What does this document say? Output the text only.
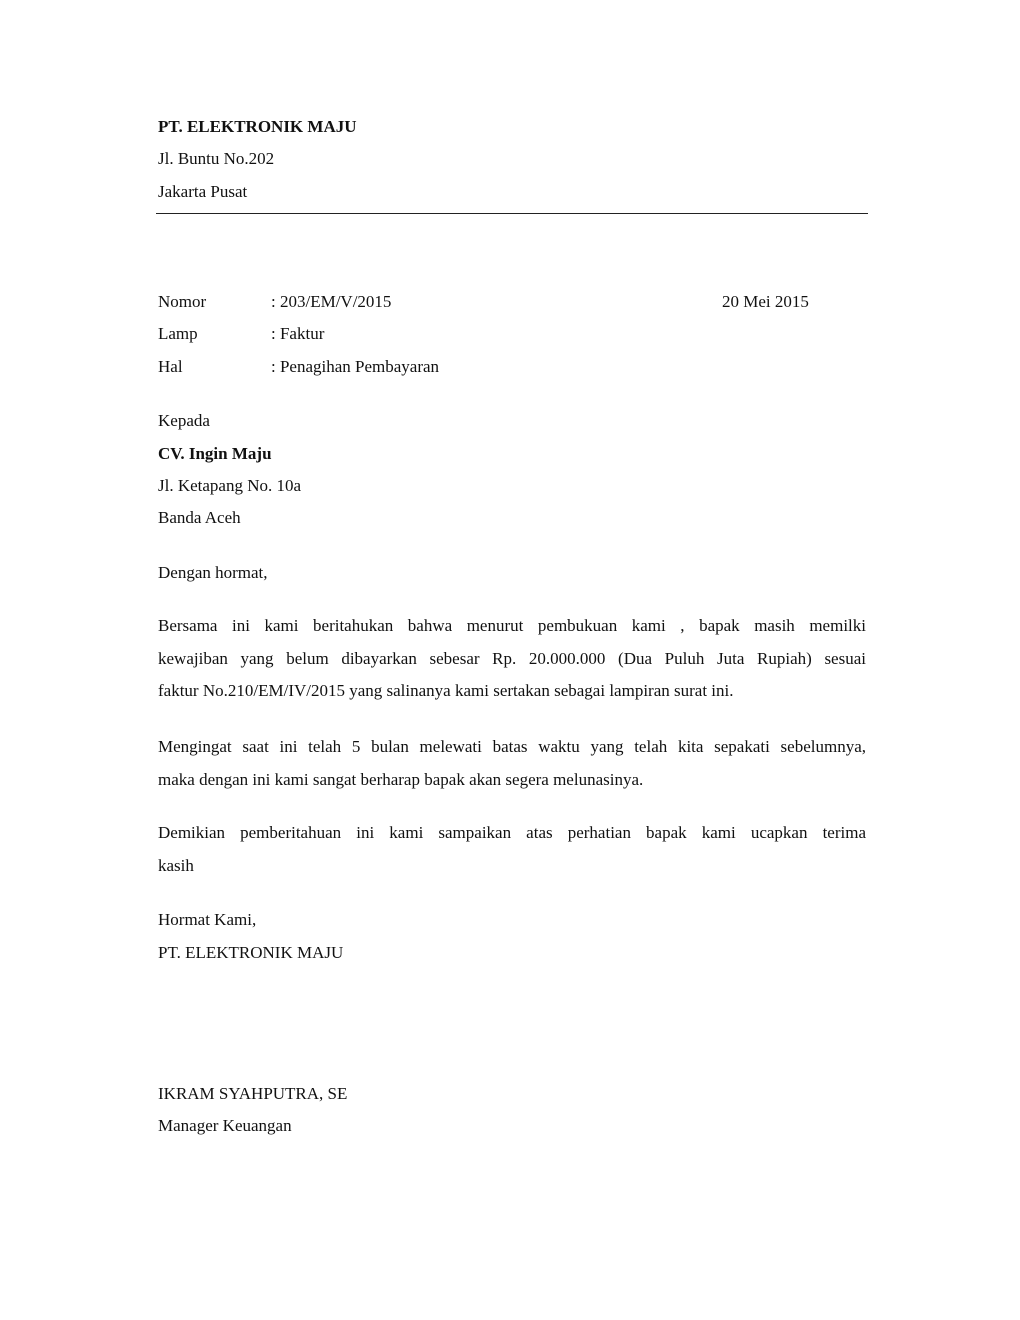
PT. ELEKTRONIK MAJU
Jl. Buntu No.202
Jakarta Pusat
Nomor	: 203/EM/V/2015	20 Mei 2015
Lamp	: Faktur
Hal	: Penagihan Pembayaran
Kepada
CV. Ingin Maju
Jl. Ketapang No. 10a
Banda Aceh
Dengan hormat,
Bersama ini kami beritahukan bahwa menurut pembukuan kami , bapak masih memilki
kewajiban yang belum dibayarkan sebesar Rp. 20.000.000 (Dua Puluh Juta Rupiah) sesuai
faktur No.210/EM/IV/2015 yang salinanya kami sertakan sebagai lampiran surat ini.
Mengingat saat ini telah 5 bulan melewati batas waktu yang telah kita sepakati sebelumnya,
maka dengan ini kami sangat berharap bapak akan segera melunasinya.
Demikian pemberitahuan ini kami sampaikan atas perhatian bapak kami ucapkan terima
kasih
Hormat Kami,
PT. ELEKTRONIK MAJU
IKRAM SYAHPUTRA, SE
Manager Keuangan
